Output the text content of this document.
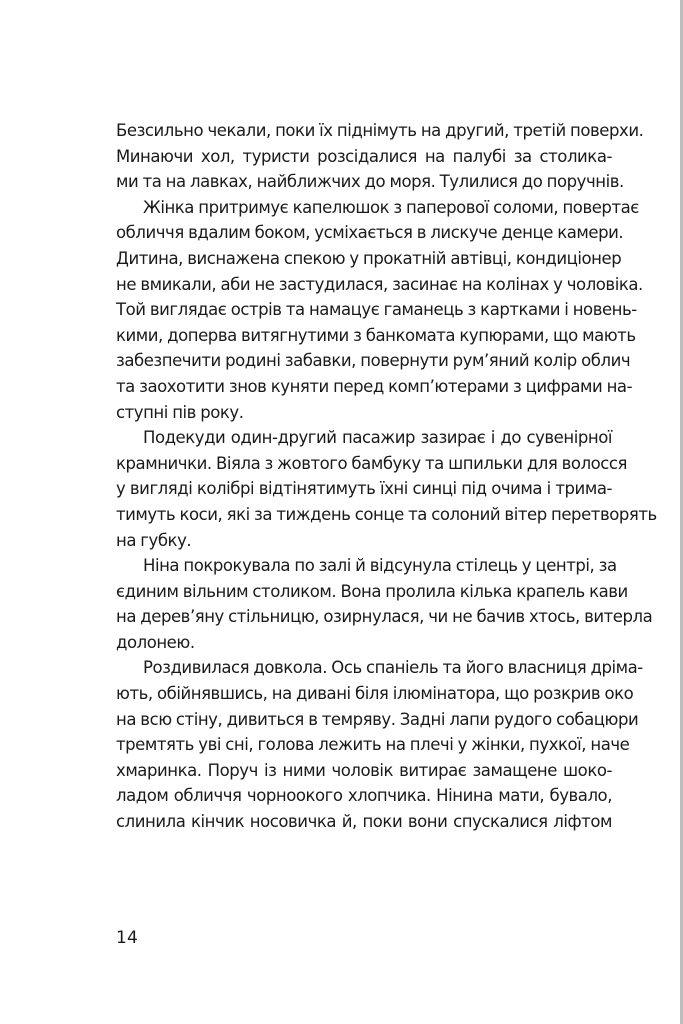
Безсильно чекали, поки їх піднімуть на другий, третій поверхи.
Минаючи хол, туристи розсідалися на палубі за столика-
ми та на лавках, найближчих до моря. Тулилися до поручнів.
Жінка притримує капелюшок з паперової соломи, повертає
обличчя вдалим боком, усміхається в лискуче денце камери.
Дитина, виснажена спекою у прокатній автівці, кондиціонер
не вмикали, аби не застудилася, засинає на колінах у чоловіка.
Той виглядає острів та намацує гаманець з картками і новень-
кими, доперва витягнутими з банкомата купюрами, що мають
забезпечити родині забавки, повернути рум’яний колір облич
та заохотити знов куняти перед комп’ютерами з цифрами на-
ступні пів року.
Подекуди один-другий пасажир зазирає і до сувенірної
крамнички. Віяла з жовтого бамбуку та шпильки для волосся
у вигляді колібрі відтінятимуть їхні синці під очима і трима-
тимуть коси, які за тиждень сонце та солоний вітер перетворять
на губку.
Ніна покрокувала по залі й відсунула стілець у центрі, за
єдиним вільним столиком. Вона пролила кілька крапель кави
на дерев’яну стільницю, озирнулася, чи не бачив хтось, витерла
долонею.
Роздивилася довкола. Ось спаніель та його власниця дріма-
ють, обійнявшись, на дивані біля ілюмінатора, що розкрив око
на всю стіну, дивиться в темряву. Задні лапи рудого собацюри
тремтять уві сні, голова лежить на плечі у жінки, пухкої, наче
хмаринка. Поруч із ними чоловік витирає замащене шоко-
ладом обличчя чорноокого хлопчика. Нінина мати, бувало,
слинила кінчик носовичка й, поки вони спускалися ліфтом
14
